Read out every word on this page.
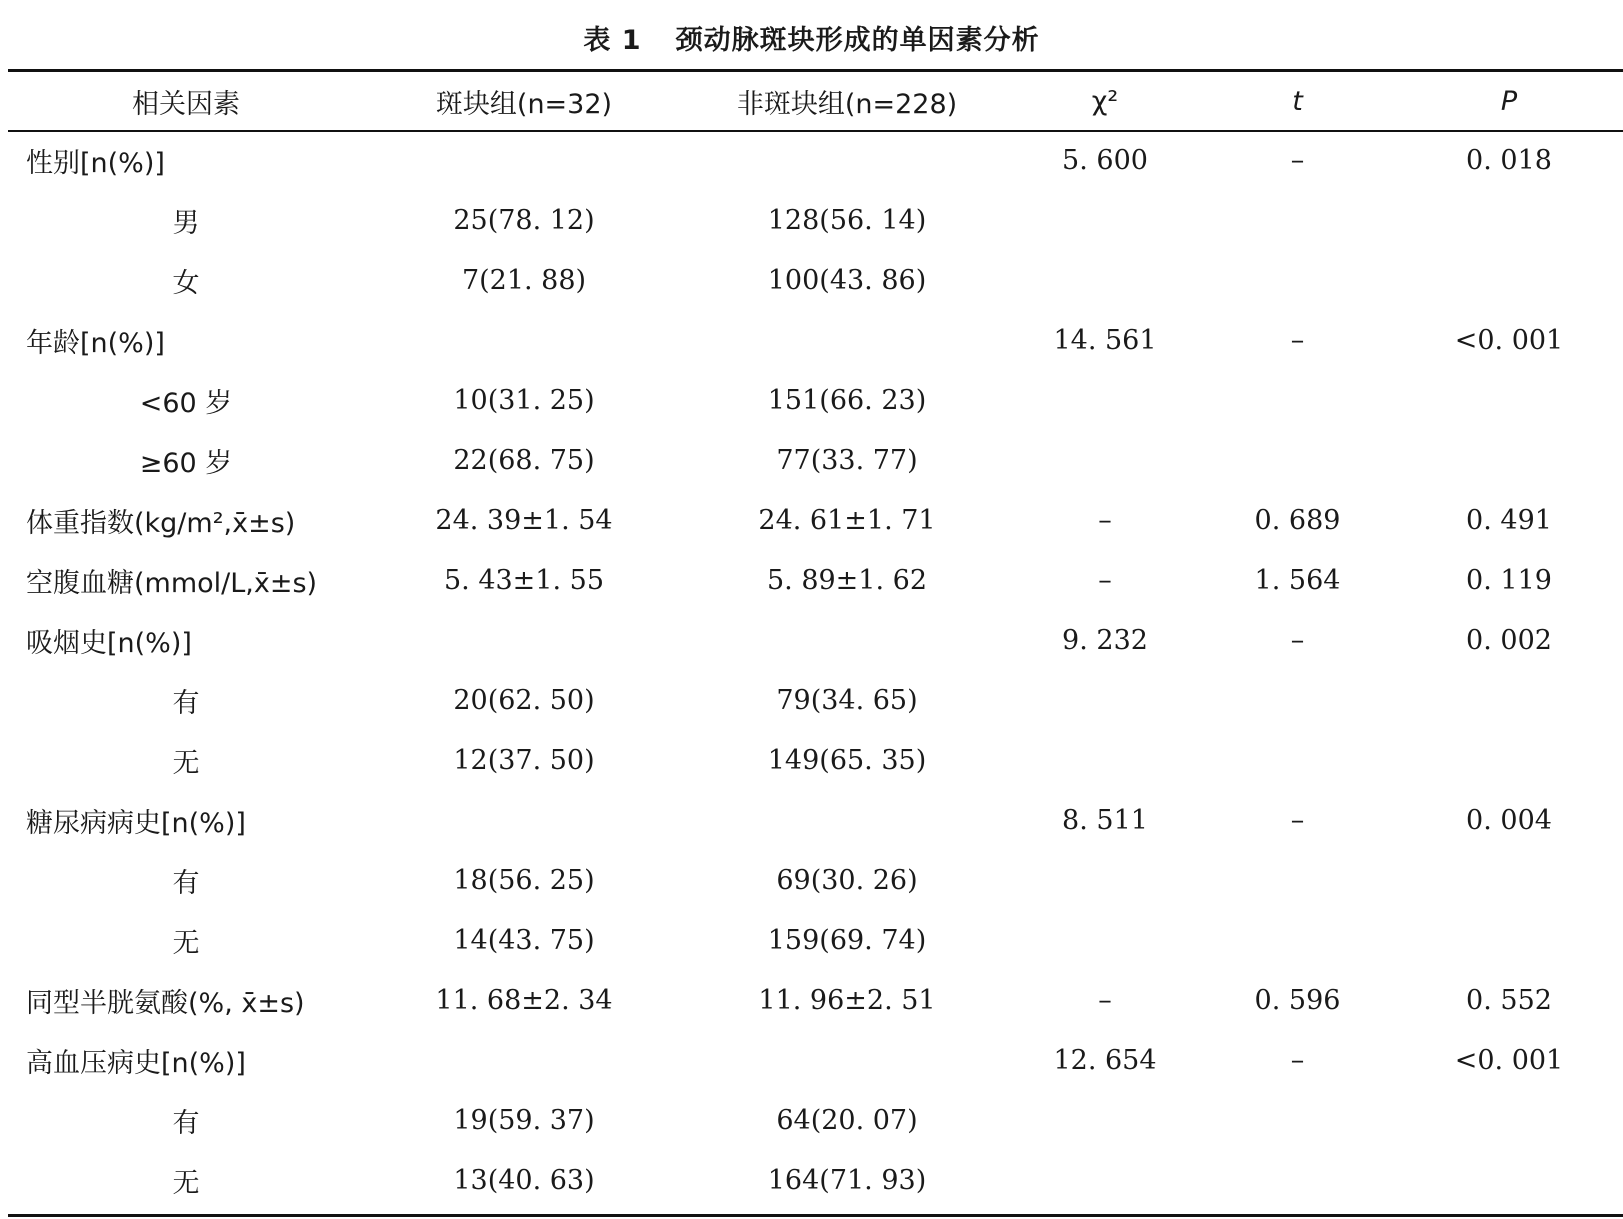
表 1 颈动脉斑块形成的单因素分析
相关因素	斑块组(n=32)	非斑块组(n=228)	χ²	t	P
性别[n(%)]			5. 600	–	0. 018
男	25(78. 12)	128(56. 14)			
女	7(21. 88)	100(43. 86)			
年龄[n(%)]			14. 561	–	<0. 001
<60 岁	10(31. 25)	151(66. 23)			
≥60 岁	22(68. 75)	77(33. 77)			
体重指数(kg/m²,x̄±s)	24. 39±1. 54	24. 61±1. 71	–	0. 689	0. 491
空腹血糖(mmol/L,x̄±s)	5. 43±1. 55	5. 89±1. 62	–	1. 564	0. 119
吸烟史[n(%)]			9. 232	–	0. 002
有	20(62. 50)	79(34. 65)			
无	12(37. 50)	149(65. 35)			
糖尿病病史[n(%)]			8. 511	–	0. 004
有	18(56. 25)	69(30. 26)			
无	14(43. 75)	159(69. 74)			
同型半胱氨酸(%, x̄±s)	11. 68±2. 34	11. 96±2. 51	–	0. 596	0. 552
高血压病史[n(%)]			12. 654	–	<0. 001
有	19(59. 37)	64(20. 07)			
无	13(40. 63)	164(71. 93)			
